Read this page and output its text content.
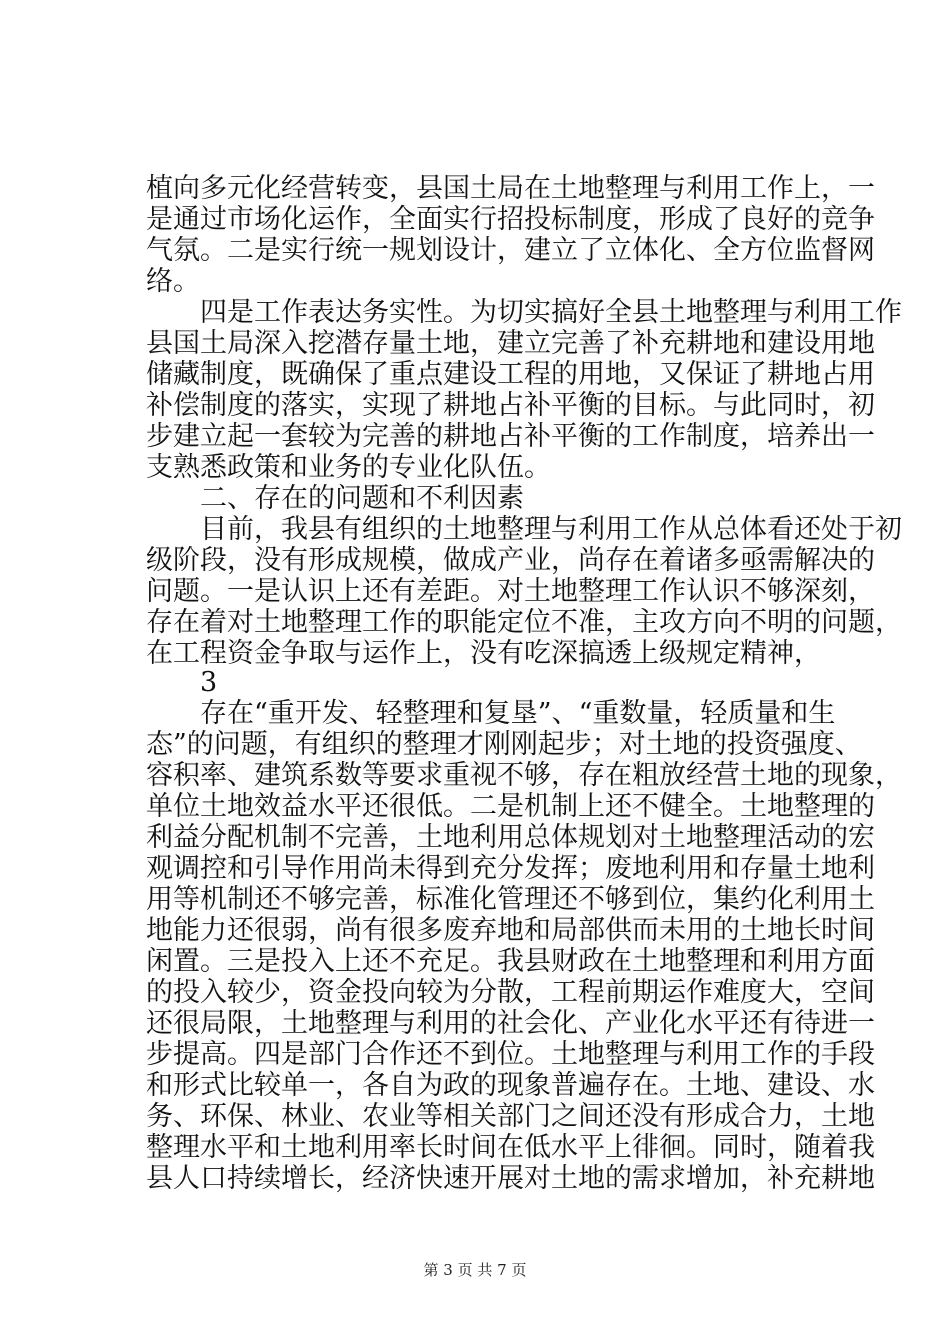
植向多元化经营转变，县国土局在土地整理与利用工作上，一
是通过市场化运作，全面实行招投标制度，形成了良好的竞争
气氛。二是实行统一规划设计，建立了立体化、全方位监督网
络。
　　四是工作表达务实性。为切实搞好全县土地整理与利用工作
县国土局深入挖潜存量土地，建立完善了补充耕地和建设用地
储藏制度，既确保了重点建设工程的用地，又保证了耕地占用
补偿制度的落实，实现了耕地占补平衡的目标。与此同时，初
步建立起一套较为完善的耕地占补平衡的工作制度，培养出一
支熟悉政策和业务的专业化队伍。
　　二、存在的问题和不利因素
　　目前，我县有组织的土地整理与利用工作从总体看还处于初
级阶段，没有形成规模，做成产业，尚存在着诸多亟需解决的
问题。一是认识上还有差距。对土地整理工作认识不够深刻，
存在着对土地整理工作的职能定位不准，主攻方向不明的问题，
在工程资金争取与运作上，没有吃深搞透上级规定精神，
　　3
　　存在“重开发、轻整理和复垦”、“重数量，轻质量和生
态”的问题，有组织的整理才刚刚起步；对土地的投资强度、
容积率、建筑系数等要求重视不够，存在粗放经营土地的现象，
单位土地效益水平还很低。二是机制上还不健全。土地整理的
利益分配机制不完善，土地利用总体规划对土地整理活动的宏
观调控和引导作用尚未得到充分发挥；废地利用和存量土地利
用等机制还不够完善，标准化管理还不够到位，集约化利用土
地能力还很弱，尚有很多废弃地和局部供而未用的土地长时间
闲置。三是投入上还不充足。我县财政在土地整理和利用方面
的投入较少，资金投向较为分散，工程前期运作难度大，空间
还很局限，土地整理与利用的社会化、产业化水平还有待进一
步提高。四是部门合作还不到位。土地整理与利用工作的手段
和形式比较单一，各自为政的现象普遍存在。土地、建设、水
务、环保、林业、农业等相关部门之间还没有形成合力，土地
整理水平和土地利用率长时间在低水平上徘徊。同时，随着我
县人口持续增长，经济快速开展对土地的需求增加，补充耕地
第 3 页 共 7 页
